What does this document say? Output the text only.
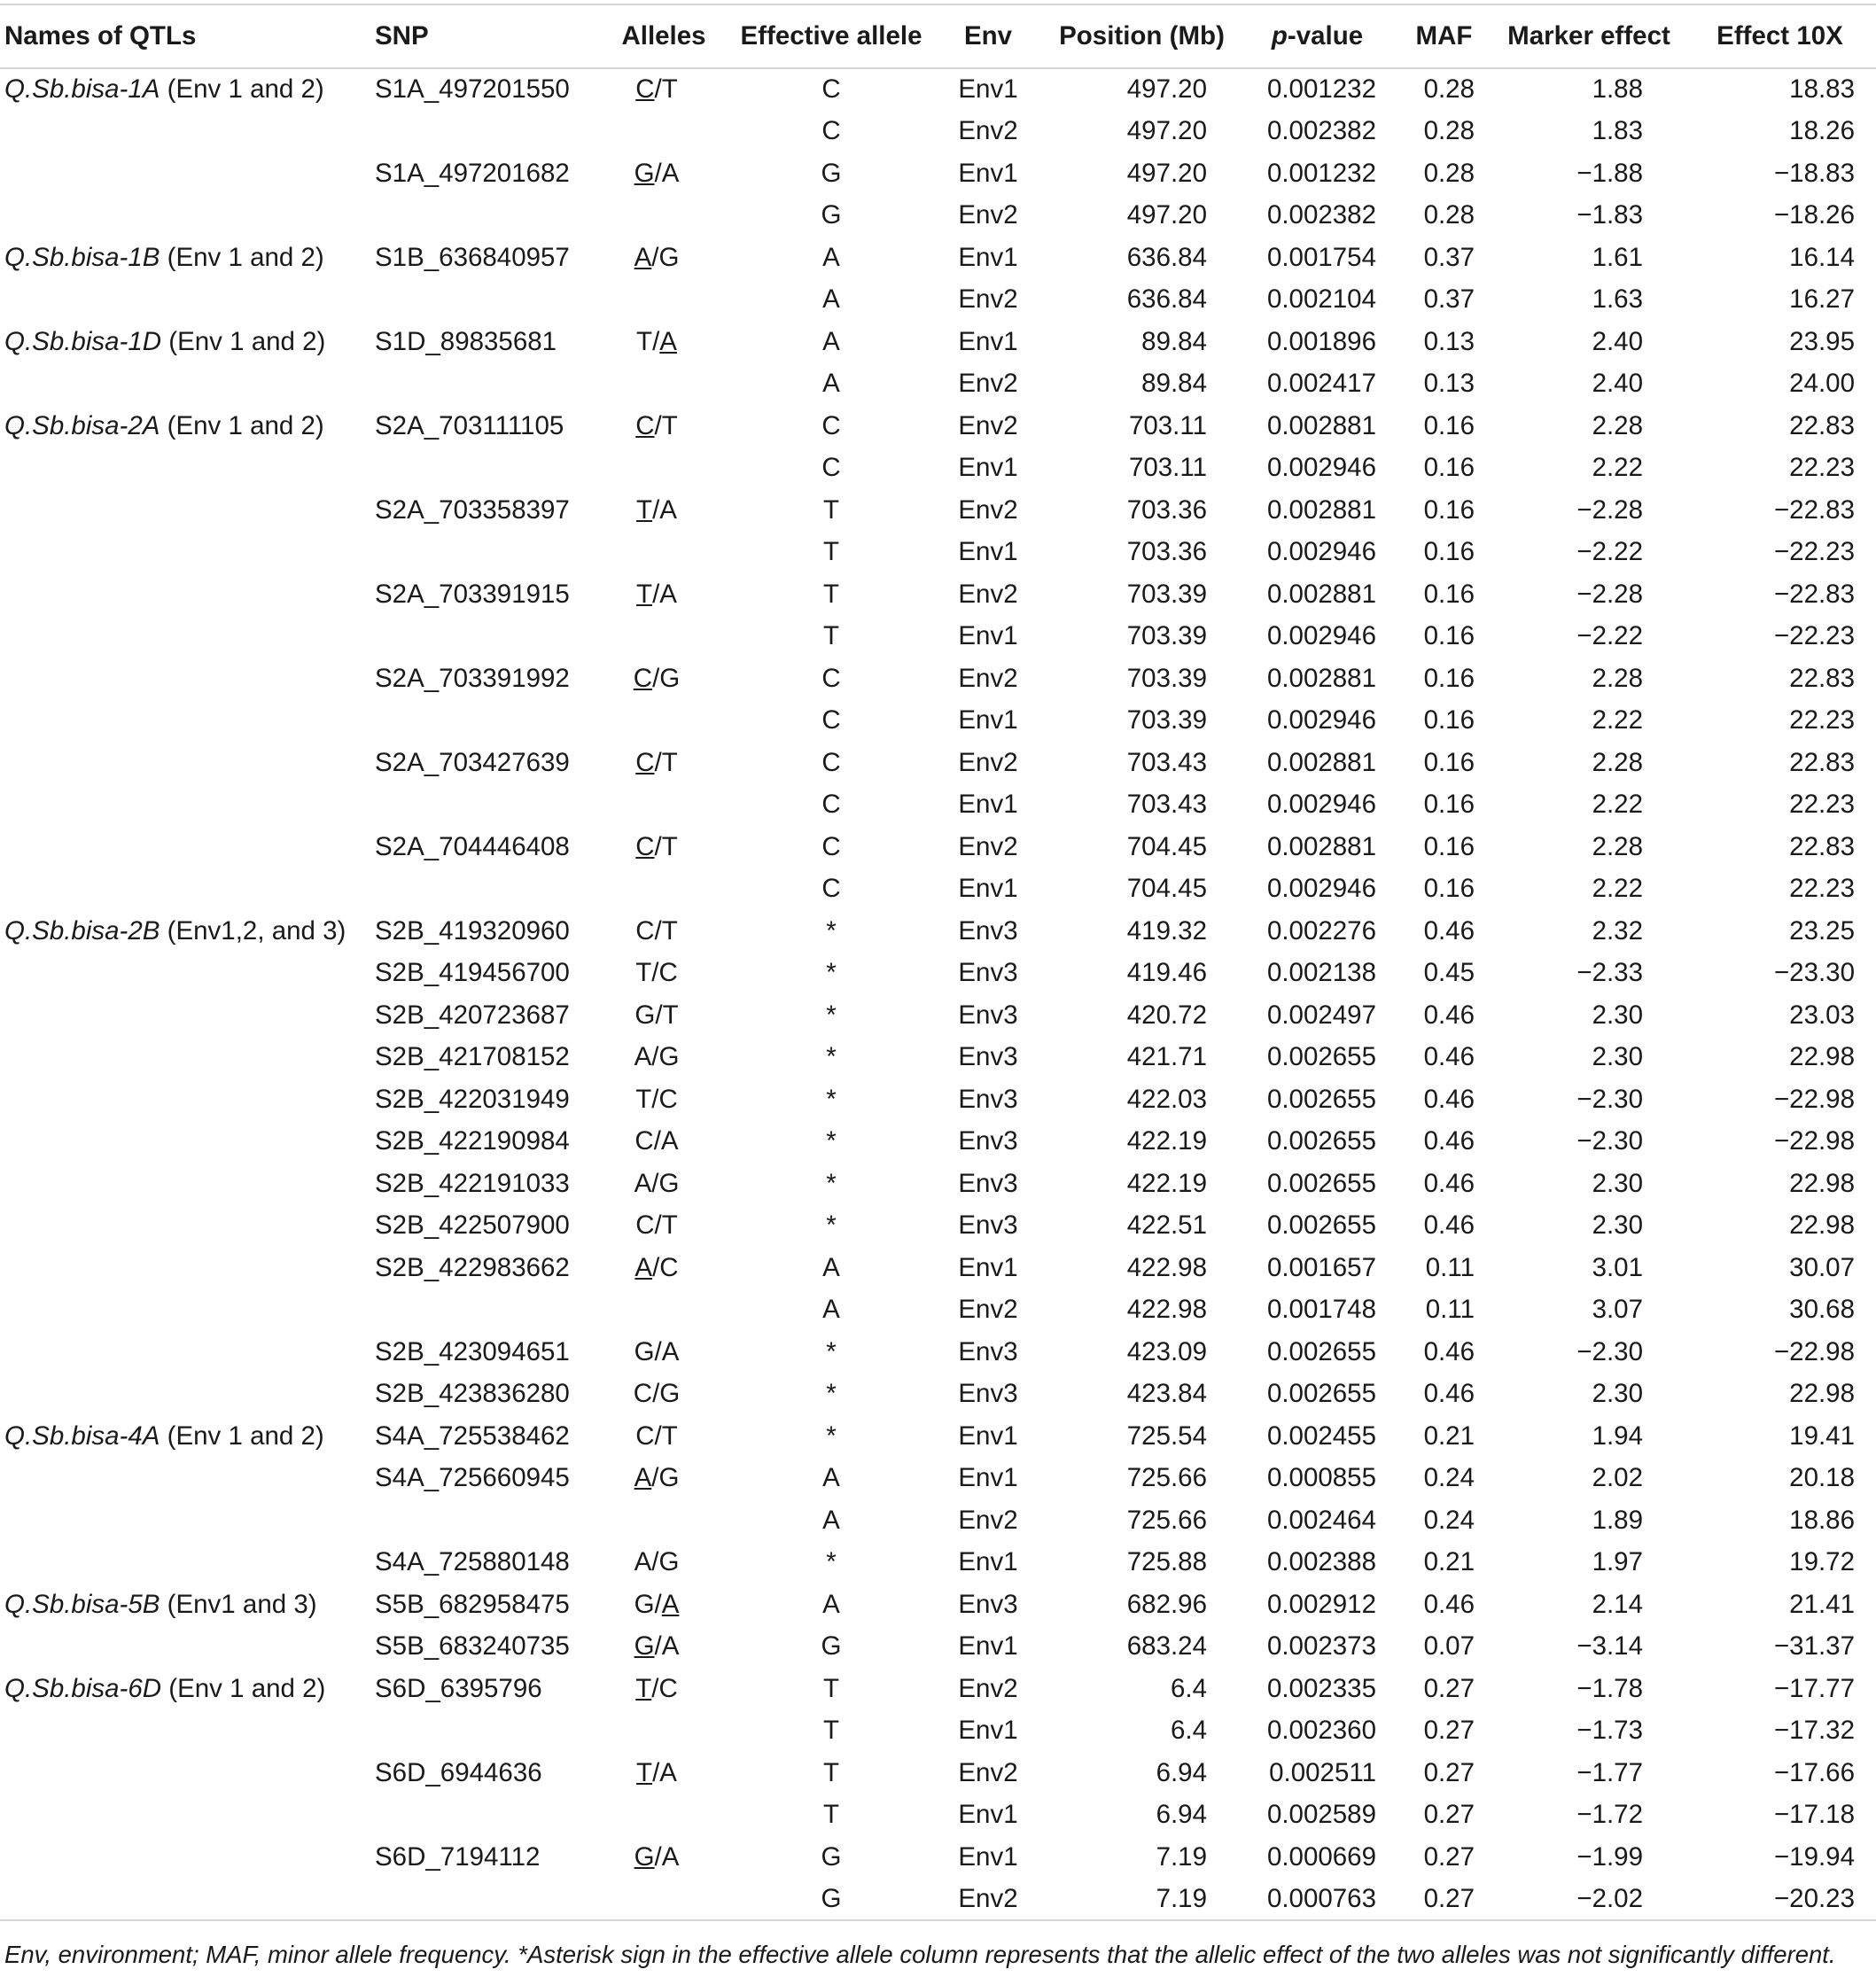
Names of QTLs	SNP	Alleles	Effective allele	Env	Position (Mb)	p-value	MAF	Marker effect	Effect 10X
Q.Sb.bisa-1A (Env 1 and 2)	S1A_497201550	C/T	C	Env1	497.20	0.001232	0.28	1.88	18.83
			C	Env2	497.20	0.002382	0.28	1.83	18.26
	S1A_497201682	G/A	G	Env1	497.20	0.001232	0.28	−1.88	−18.83
			G	Env2	497.20	0.002382	0.28	−1.83	−18.26
Q.Sb.bisa-1B (Env 1 and 2)	S1B_636840957	A/G	A	Env1	636.84	0.001754	0.37	1.61	16.14
			A	Env2	636.84	0.002104	0.37	1.63	16.27
Q.Sb.bisa-1D (Env 1 and 2)	S1D_89835681	T/A	A	Env1	89.84	0.001896	0.13	2.40	23.95
			A	Env2	89.84	0.002417	0.13	2.40	24.00
Q.Sb.bisa-2A (Env 1 and 2)	S2A_703111105	C/T	C	Env2	703.11	0.002881	0.16	2.28	22.83
			C	Env1	703.11	0.002946	0.16	2.22	22.23
	S2A_703358397	T/A	T	Env2	703.36	0.002881	0.16	−2.28	−22.83
			T	Env1	703.36	0.002946	0.16	−2.22	−22.23
	S2A_703391915	T/A	T	Env2	703.39	0.002881	0.16	−2.28	−22.83
			T	Env1	703.39	0.002946	0.16	−2.22	−22.23
	S2A_703391992	C/G	C	Env2	703.39	0.002881	0.16	2.28	22.83
			C	Env1	703.39	0.002946	0.16	2.22	22.23
	S2A_703427639	C/T	C	Env2	703.43	0.002881	0.16	2.28	22.83
			C	Env1	703.43	0.002946	0.16	2.22	22.23
	S2A_704446408	C/T	C	Env2	704.45	0.002881	0.16	2.28	22.83
			C	Env1	704.45	0.002946	0.16	2.22	22.23
Q.Sb.bisa-2B (Env1,2, and 3)	S2B_419320960	C/T	*	Env3	419.32	0.002276	0.46	2.32	23.25
	S2B_419456700	T/C	*	Env3	419.46	0.002138	0.45	−2.33	−23.30
	S2B_420723687	G/T	*	Env3	420.72	0.002497	0.46	2.30	23.03
	S2B_421708152	A/G	*	Env3	421.71	0.002655	0.46	2.30	22.98
	S2B_422031949	T/C	*	Env3	422.03	0.002655	0.46	−2.30	−22.98
	S2B_422190984	C/A	*	Env3	422.19	0.002655	0.46	−2.30	−22.98
	S2B_422191033	A/G	*	Env3	422.19	0.002655	0.46	2.30	22.98
	S2B_422507900	C/T	*	Env3	422.51	0.002655	0.46	2.30	22.98
	S2B_422983662	A/C	A	Env1	422.98	0.001657	0.11	3.01	30.07
			A	Env2	422.98	0.001748	0.11	3.07	30.68
	S2B_423094651	G/A	*	Env3	423.09	0.002655	0.46	−2.30	−22.98
	S2B_423836280	C/G	*	Env3	423.84	0.002655	0.46	2.30	22.98
Q.Sb.bisa-4A (Env 1 and 2)	S4A_725538462	C/T	*	Env1	725.54	0.002455	0.21	1.94	19.41
	S4A_725660945	A/G	A	Env1	725.66	0.000855	0.24	2.02	20.18
			A	Env2	725.66	0.002464	0.24	1.89	18.86
	S4A_725880148	A/G	*	Env1	725.88	0.002388	0.21	1.97	19.72
Q.Sb.bisa-5B (Env1 and 3)	S5B_682958475	G/A	A	Env3	682.96	0.002912	0.46	2.14	21.41
	S5B_683240735	G/A	G	Env1	683.24	0.002373	0.07	−3.14	−31.37
Q.Sb.bisa-6D (Env 1 and 2)	S6D_6395796	T/C	T	Env2	6.4	0.002335	0.27	−1.78	−17.77
			T	Env1	6.4	0.002360	0.27	−1.73	−17.32
	S6D_6944636	T/A	T	Env2	6.94	0.002511	0.27	−1.77	−17.66
			T	Env1	6.94	0.002589	0.27	−1.72	−17.18
	S6D_7194112	G/A	G	Env1	7.19	0.000669	0.27	−1.99	−19.94
			G	Env2	7.19	0.000763	0.27	−2.02	−20.23
Env, environment; MAF, minor allele frequency. *Asterisk sign in the effective allele column represents that the allelic effect of the two alleles was not significantly different.
